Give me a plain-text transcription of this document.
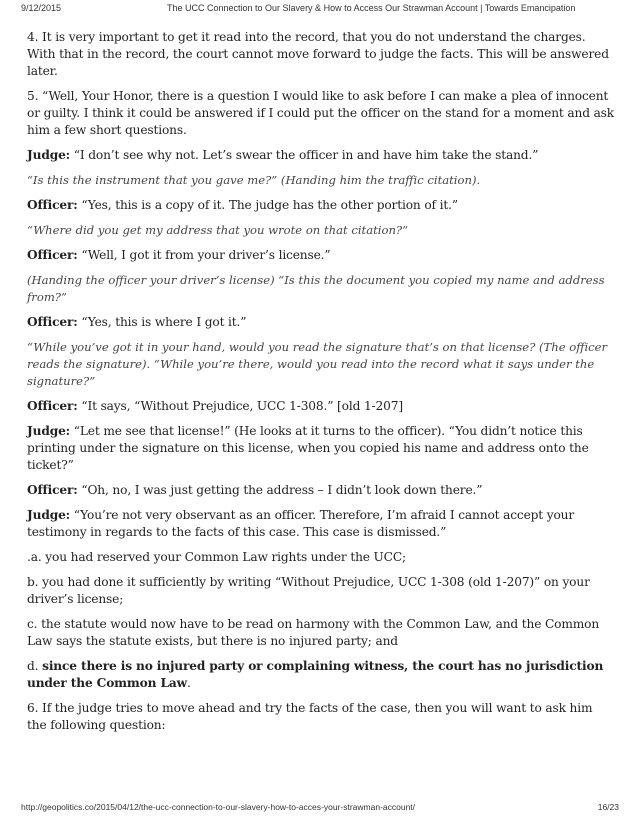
9/12/2015	The UCC Connection to Our Slavery & How to Access Our Strawman Account | Towards Emancipation

4. It is very important to get it read into the record, that you do not understand the charges. With that in the record, the court cannot move forward to judge the facts. This will be answered later.

5. “Well, Your Honor, there is a question I would like to ask before I can make a plea of innocent or guilty. I think it could be answered if I could put the officer on the stand for a moment and ask him a few short questions.

Judge: “I don’t see why not. Let’s swear the officer in and have him take the stand.”

“Is this the instrument that you gave me?” (Handing him the traffic citation).

Officer: “Yes, this is a copy of it. The judge has the other portion of it.”

“Where did you get my address that you wrote on that citation?”

Officer: “Well, I got it from your driver’s license.”

(Handing the officer your driver’s license) “Is this the document you copied my name and address from?”

Officer: “Yes, this is where I got it.”

“While you’ve got it in your hand, would you read the signature that’s on that license? (The officer reads the signature). “While you’re there, would you read into the record what it says under the signature?”

Officer: “It says, “Without Prejudice, UCC 1-308.” [old 1-207]

Judge: “Let me see that license!” (He looks at it turns to the officer). “You didn’t notice this printing under the signature on this license, when you copied his name and address onto the ticket?”

Officer: “Oh, no, I was just getting the address – I didn’t look down there.”

Judge: “You’re not very observant as an officer. Therefore, I’m afraid I cannot accept your testimony in regards to the facts of this case. This case is dismissed.”

.a. you had reserved your Common Law rights under the UCC;

b. you had done it sufficiently by writing “Without Prejudice, UCC 1-308 (old 1-207)” on your driver’s license;

c. the statute would now have to be read on harmony with the Common Law, and the Common Law says the statute exists, but there is no injured party; and

d. since there is no injured party or complaining witness, the court has no jurisdiction under the Common Law.

6. If the judge tries to move ahead and try the facts of the case, then you will want to ask him the following question:

http://geopolitics.co/2015/04/12/the-ucc-connection-to-our-slavery-how-to-acces-your-strawman-account/	16/23
